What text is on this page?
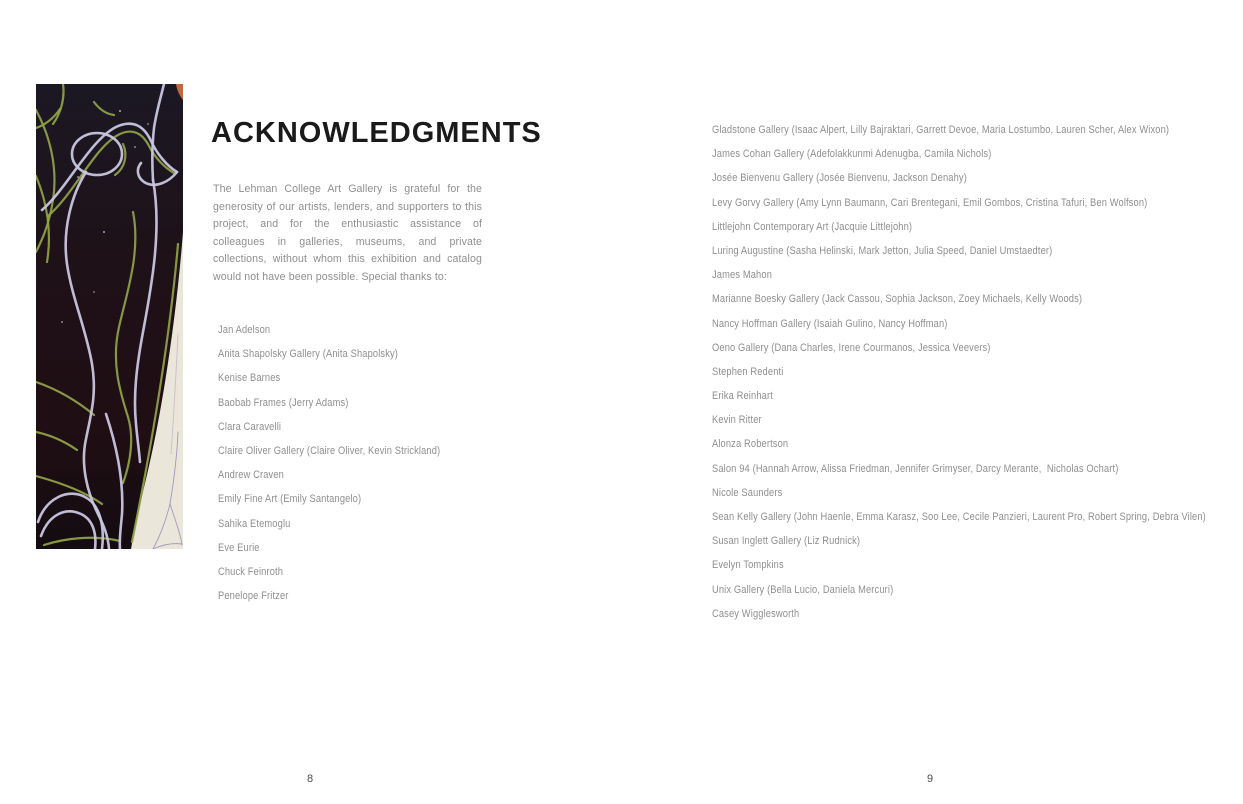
ACKNOWLEDGMENTS

The Lehman College Art Gallery is grateful for the generosity of our artists, lenders, and supporters to this project, and for the enthusiastic assistance of colleagues in galleries, museums, and private collections, without whom this exhibition and catalog would not have been possible. Special thanks to:

Jan Adelson
Anita Shapolsky Gallery (Anita Shapolsky)
Kenise Barnes
Baobab Frames (Jerry Adams)
Clara Caravelli
Claire Oliver Gallery (Claire Oliver, Kevin Strickland)
Andrew Craven
Emily Fine Art (Emily Santangelo)
Sahika Etemoglu
Eve Eurie
Chuck Feinroth
Penelope Fritzer
8
Gladstone Gallery (Isaac Alpert, Lilly Bajraktari, Garrett Devoe, Maria Lostumbo, Lauren Scher, Alex Wixon)
James Cohan Gallery (Adefolakkunmi Adenugba, Camila Nichols)
Josée Bienvenu Gallery (Josée Bienvenu, Jackson Denahy)
Levy Gorvy Gallery (Amy Lynn Baumann, Cari Brentegani, Emil Gombos, Cristina Tafuri, Ben Wolfson)
Littlejohn Contemporary Art (Jacquie Littlejohn)
Luring Augustine (Sasha Helinski, Mark Jetton, Julia Speed, Daniel Umstaedter)
James Mahon
Marianne Boesky Gallery (Jack Cassou, Sophia Jackson, Zoey Michaels, Kelly Woods)
Nancy Hoffman Gallery (Isaiah Gulino, Nancy Hoffman)
Oeno Gallery (Dana Charles, Irene Courmanos, Jessica Veevers)
Stephen Redenti
Erika Reinhart
Kevin Ritter
Alonza Robertson
Salon 94 (Hannah Arrow, Alissa Friedman, Jennifer Grimyser, Darcy Merante,  Nicholas Ochart)
Nicole Saunders
Sean Kelly Gallery (John Haenle, Emma Karasz, Soo Lee, Cecile Panzieri, Laurent Pro, Robert Spring, Debra Vilen)
Susan Inglett Gallery (Liz Rudnick)
Evelyn Tompkins
Unix Gallery (Bella Lucio, Daniela Mercuri)
Casey Wigglesworth
9
